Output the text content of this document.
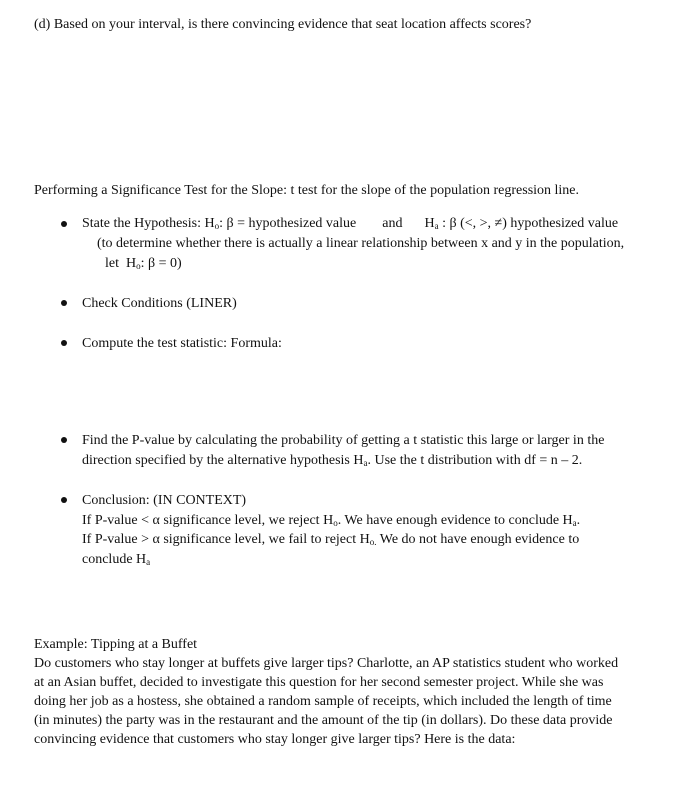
(d) Based on your interval, is there convincing evidence that seat location affects scores?
Performing a Significance Test for the Slope: t test for the slope of the population regression line.
State the Hypothesis: $H_o$: β = hypothesized value and $H_a$ : β (<, >, ≠) hypothesized value
(to determine whether there is actually a linear relationship between x and y in the population,
let $H_o$: β = 0)
Check Conditions (LINER)
Compute the test statistic: Formula:
Find the P-value by calculating the probability of getting a t statistic this large or larger in the
direction specified by the alternative hypothesis $H_a$. Use the t distribution with df = n – 2.
Conclusion: (IN CONTEXT)
If P-value < α significance level, we reject $H_o$. We have enough evidence to conclude $H_a$.
If P-value > α significance level, we fail to reject $H_{o.}$ We do not have enough evidence to
conclude $H_a$
Example: Tipping at a Buffet
Do customers who stay longer at buffets give larger tips? Charlotte, an AP statistics student who worked
at an Asian buffet, decided to investigate this question for her second semester project. While she was
doing her job as a hostess, she obtained a random sample of receipts, which included the length of time
(in minutes) the party was in the restaurant and the amount of the tip (in dollars). Do these data provide
convincing evidence that customers who stay longer give larger tips? Here is the data:
